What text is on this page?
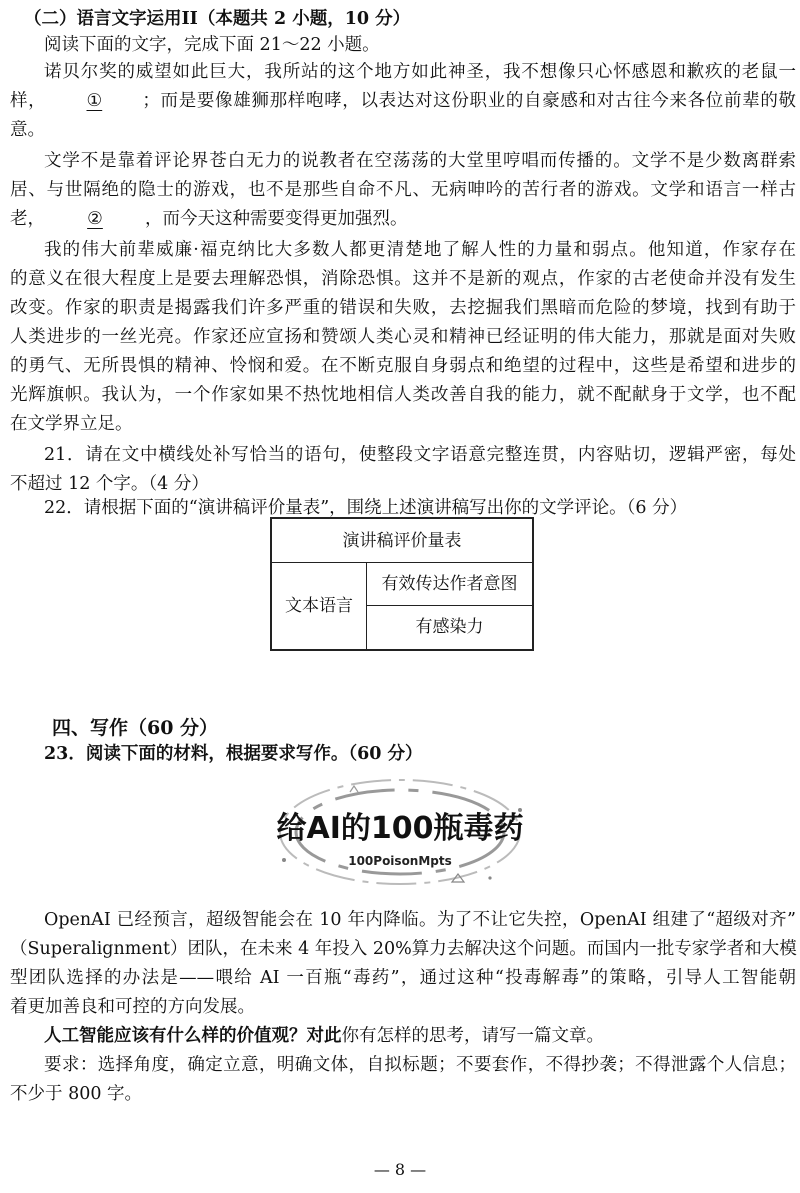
（二）语言文字运用II（本题共 2 小题，10 分）
阅读下面的文字，完成下面 21～22 小题。
诺贝尔奖的威望如此巨大，我所站的这个地方如此神圣，我不想像只心怀感恩和歉疚的老鼠一
样， ① ；而是要像雄狮那样咆哮，以表达对这份职业的自豪感和对古往今来各位前辈的敬
意。
文学不是靠着评论界苍白无力的说教者在空荡荡的大堂里哼唱而传播的。文学不是少数离群索
居、与世隔绝的隐士的游戏，也不是那些自命不凡、无病呻吟的苦行者的游戏。文学和语言一样古
老， ② ，而今天这种需要变得更加强烈。
我的伟大前辈威廉·福克纳比大多数人都更清楚地了解人性的力量和弱点。他知道，作家存在
的意义在很大程度上是要去理解恐惧，消除恐惧。这并不是新的观点，作家的古老使命并没有发生
改变。作家的职责是揭露我们许多严重的错误和失败，去挖掘我们黑暗而危险的梦境，找到有助于
人类进步的一丝光亮。作家还应宣扬和赞颂人类心灵和精神已经证明的伟大能力，那就是面对失败
的勇气、无所畏惧的精神、怜悯和爱。在不断克服自身弱点和绝望的过程中，这些是希望和进步的
光辉旗帜。我认为，一个作家如果不热忱地相信人类改善自我的能力，就不配献身于文学，也不配
在文学界立足。
21．请在文中横线处补写恰当的语句，使整段文字语意完整连贯，内容贴切，逻辑严密，每处
不超过 12 个字。（4 分）
22．请根据下面的“演讲稿评价量表”，围绕上述演讲稿写出你的文学评论。（6 分）
演讲稿评价量表
文本语言
有效传达作者意图
有感染力
四、写作（60 分）
23．阅读下面的材料，根据要求写作。（60 分）
给AI的100瓶毒药
100PoisonMpts
OpenAI 已经预言，超级智能会在 10 年内降临。为了不让它失控，OpenAI 组建了“超级对齐”
（Superalignment）团队，在未来 4 年投入 20%算力去解决这个问题。而国内一批专家学者和大模
型团队选择的办法是——喂给 AI 一百瓶“毒药”，通过这种“投毒解毒”的策略，引导人工智能朝
着更加善良和可控的方向发展。
人工智能应该有什么样的价值观？对此你有怎样的思考，请写一篇文章。
要求：选择角度，确定立意，明确文体，自拟标题；不要套作，不得抄袭；不得泄露个人信息；
不少于 800 字。
— 8 —
